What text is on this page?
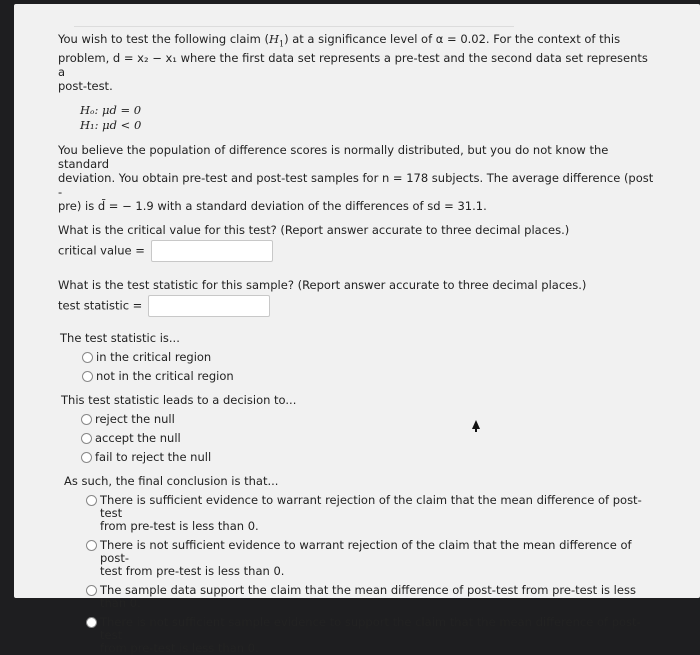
You wish to test the following claim $(H_1)$ at a significance level of α = 0.02. For the context of this

problem, d = x₂ − x₁ where the first data set represents a pre-test and the second data set represents a

post-test.

Hₒ: μd = 0
H₁: μd < 0

You believe the population of difference scores is normally distributed, but you do not know the standard

deviation. You obtain pre-test and post-test samples for n = 178 subjects. The average difference (post -

pre) is d̄ = − 1.9 with a standard deviation of the differences of sd = 31.1.

What is the critical value for this test? (Report answer accurate to three decimal places.)

critical value =

What is the test statistic for this sample? (Report answer accurate to three decimal places.)

test statistic =

The test statistic is...

in the critical region
not in the critical region

This test statistic leads to a decision to...

reject the null
accept the null
fail to reject the null

As such, the final conclusion is that...

There is sufficient evidence to warrant rejection of the claim that the mean difference of post-test
from pre-test is less than 0.
There is not sufficient evidence to warrant rejection of the claim that the mean difference of post-
test from pre-test is less than 0.
The sample data support the claim that the mean difference of post-test from pre-test is less than 0.
There is not sufficient sample evidence to support the claim that the mean difference of post-test
from pre-test is less than 0.
